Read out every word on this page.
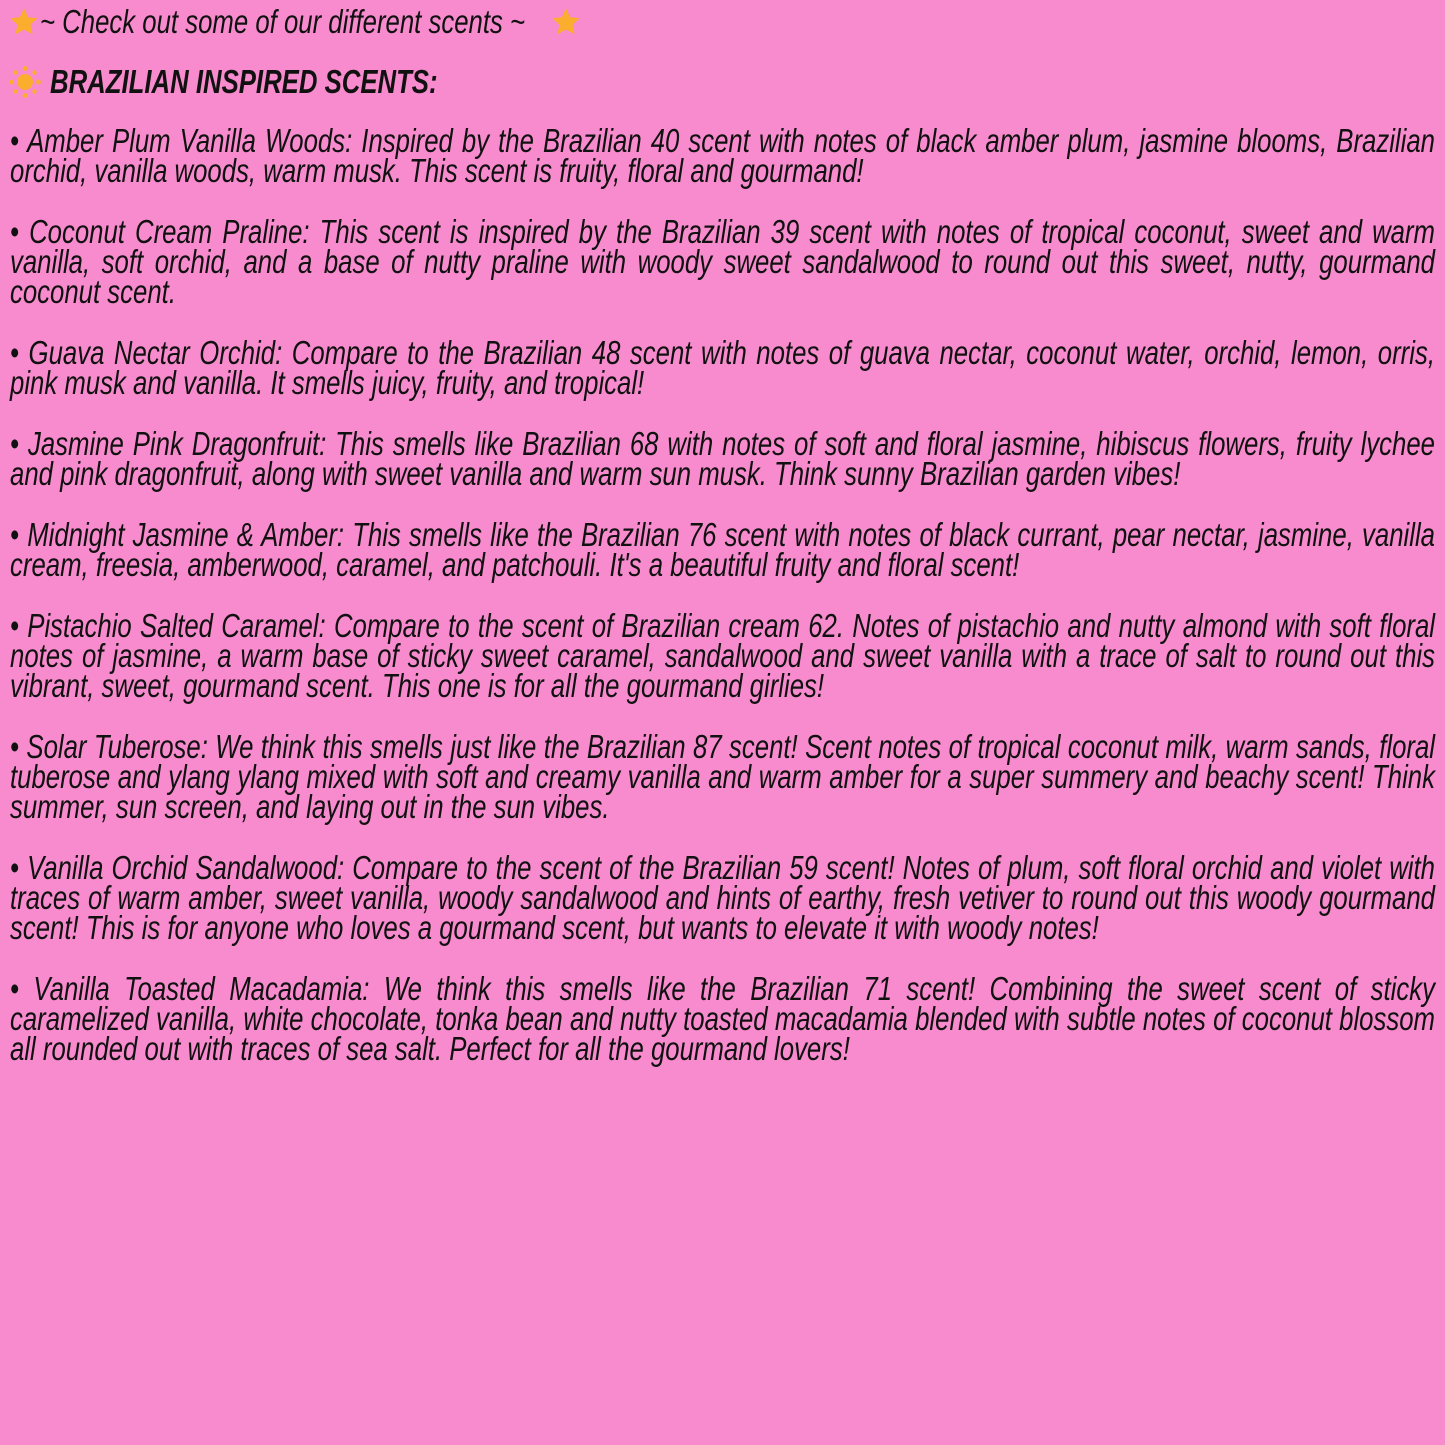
~ Check out some of our different scents ~
BRAZILIAN INSPIRED SCENTS:

• Amber Plum Vanilla Woods: Inspired by the Brazilian 40 scent with notes of black amber plum, jasmine blooms, Brazilian orchid, vanilla woods, warm musk. This scent is fruity, floral and gourmand!

• Coconut Cream Praline: This scent is inspired by the Brazilian 39 scent with notes of tropical coconut, sweet and warm vanilla, soft orchid, and a base of nutty praline with woody sweet sandalwood to round out this sweet, nutty, gourmand coconut scent.

• Guava Nectar Orchid: Compare to the Brazilian 48 scent with notes of guava nectar, coconut water, orchid, lemon, orris, pink musk and vanilla. It smells juicy, fruity, and tropical!

• Jasmine Pink Dragonfruit: This smells like Brazilian 68 with notes of soft and floral jasmine, hibiscus flowers, fruity lychee and pink dragonfruit, along with sweet vanilla and warm sun musk. Think sunny Brazilian garden vibes!

• Midnight Jasmine & Amber: This smells like the Brazilian 76 scent with notes of black currant, pear nectar, jasmine, vanilla cream, freesia, amberwood, caramel, and patchouli. It's a beautiful fruity and floral scent!

• Pistachio Salted Caramel: Compare to the scent of Brazilian cream 62. Notes of pistachio and nutty almond with soft floral notes of jasmine, a warm base of sticky sweet caramel, sandalwood and sweet vanilla with a trace of salt to round out this vibrant, sweet, gourmand scent. This one is for all the gourmand girlies!

• Solar Tuberose: We think this smells just like the Brazilian 87 scent! Scent notes of tropical coconut milk, warm sands, floral tuberose and ylang ylang mixed with soft and creamy vanilla and warm amber for a super summery and beachy scent! Think summer, sun screen, and laying out in the sun vibes.

• Vanilla Orchid Sandalwood: Compare to the scent of the Brazilian 59 scent! Notes of plum, soft floral orchid and violet with traces of warm amber, sweet vanilla, woody sandalwood and hints of earthy, fresh vetiver to round out this woody gourmand scent! This is for anyone who loves a gourmand scent, but wants to elevate it with woody notes!

• Vanilla Toasted Macadamia: We think this smells like the Brazilian 71 scent! Combining the sweet scent of sticky caramelized vanilla, white chocolate, tonka bean and nutty toasted macadamia blended with subtle notes of coconut blossom all rounded out with traces of sea salt. Perfect for all the gourmand lovers!
